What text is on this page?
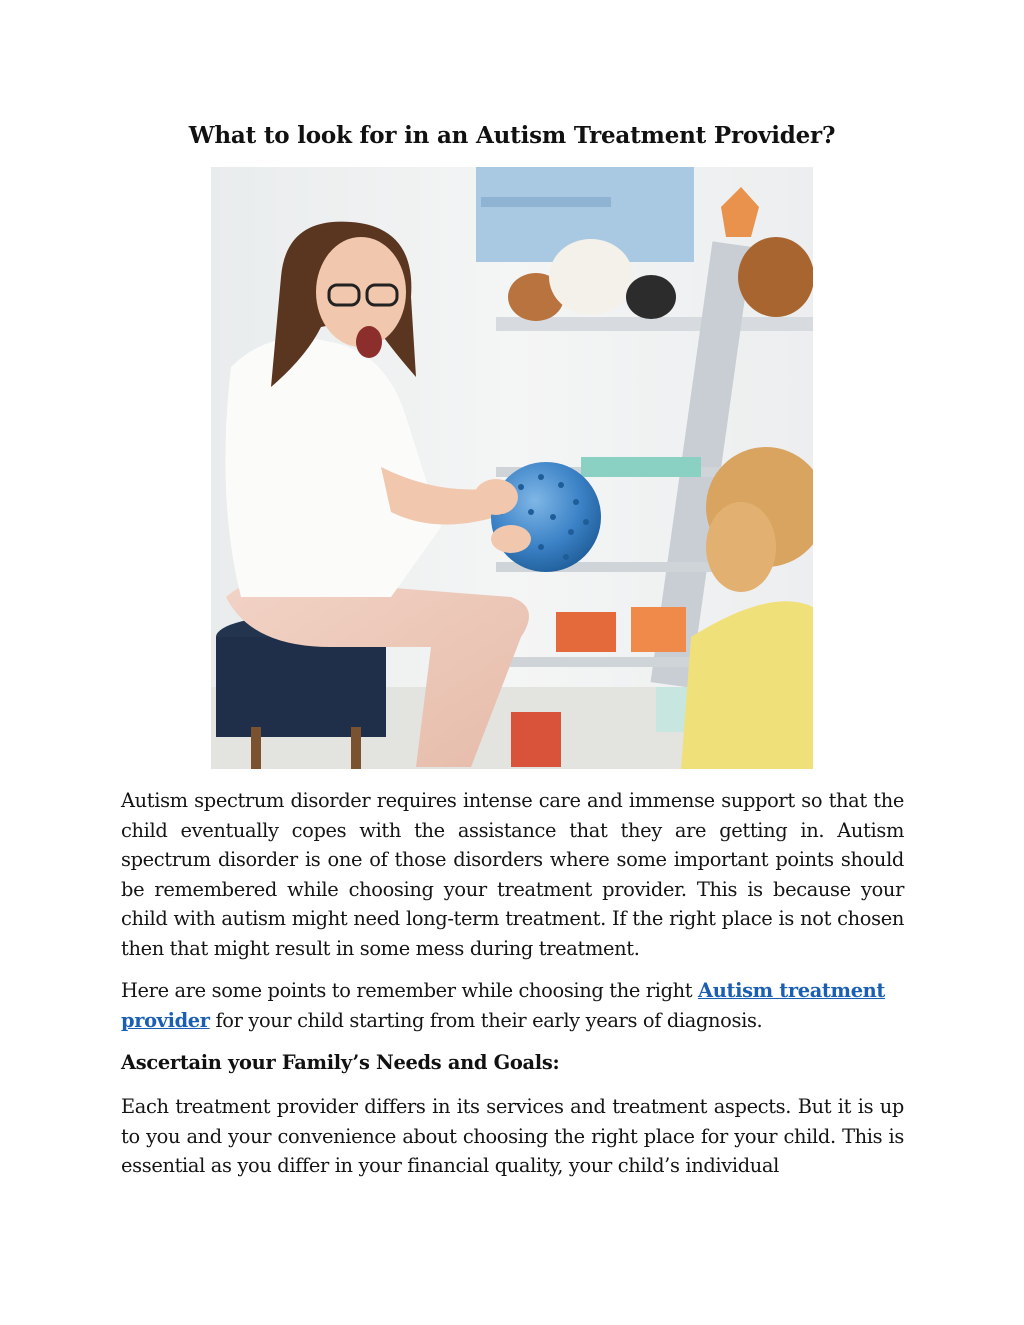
What to look for in an Autism Treatment Provider?

Autism spectrum disorder requires intense care and immense support so that the child eventually copes with the assistance that they are getting in. Autism spectrum disorder is one of those disorders where some important points should be remembered while choosing your treatment provider. This is because your child with autism might need long-term treatment. If the right place is not chosen then that might result in some mess during treatment.

Here are some points to remember while choosing the right Autism treatment provider for your child starting from their early years of diagnosis.

Ascertain your Family’s Needs and Goals:

Each treatment provider differs in its services and treatment aspects. But it is up to you and your convenience about choosing the right place for your child. This is essential as you differ in your financial quality, your child’s individual
